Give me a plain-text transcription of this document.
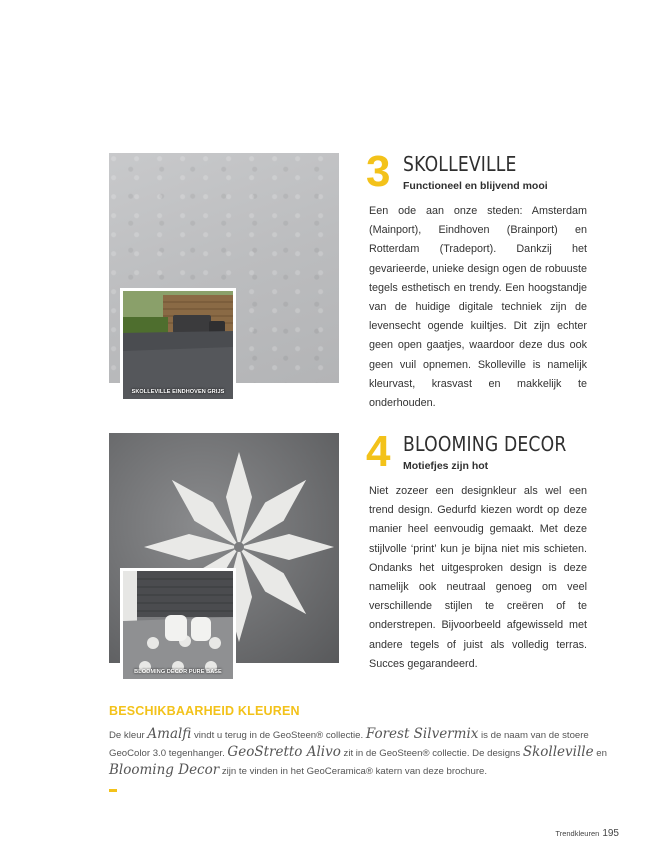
SKOLLEVILLE EINDHOVEN GRIJS
3 SKOLLEVILLE
Functioneel en blijvend mooi
Een ode aan onze steden: Amsterdam (Mainport), Eindhoven (Brainport) en Rotterdam (Tradeport). Dankzij het gevarieerde, unieke design ogen de robuuste tegels esthetisch en trendy. Een hoogstandje van de huidige digitale techniek zijn de levensecht ogende kuiltjes. Dit zijn echter geen open gaatjes, waardoor deze dus ook geen vuil opnemen. Skolleville is namelijk kleurvast, krasvast en makkelijk te onderhouden.
BLOOMING DECOR PURE BASE
4 BLOOMING DECOR
Motiefjes zijn hot
Niet zozeer een designkleur als wel een trend design. Gedurfd kiezen wordt op deze manier heel eenvoudig gemaakt. Met deze stijlvolle ‘print’ kun je bijna niet mis schieten. Ondanks het uitgesproken design is deze namelijk ook neutraal genoeg om veel verschillende stijlen te creëren of te onderstrepen. Bijvoorbeeld afgewisseld met andere tegels of juist als volledig terras. Succes gegarandeerd.
BESCHIKBAARHEID KLEUREN
De kleur Amalfi vindt u terug in de GeoSteen® collectie. Forest Silvermix is de naam van de stoere GeoColor 3.0 tegenhanger. GeoStretto Alivo zit in de GeoSteen® collectie. De designs Skolleville en Blooming Decor zijn te vinden in het GeoCeramica® katern van deze brochure.
Trendkleuren 195
